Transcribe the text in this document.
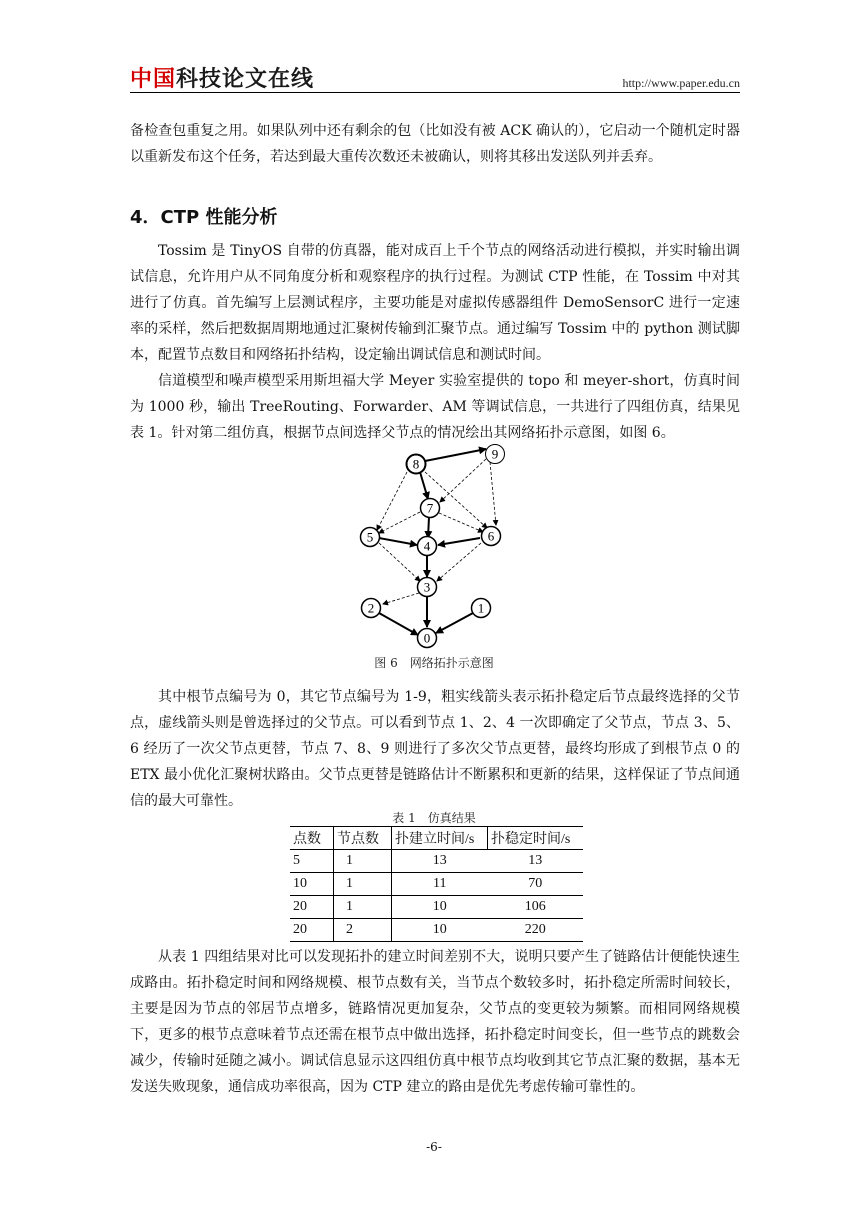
中国科技论文在线	http://www.paper.edu.cn

备检查包重复之用。如果队列中还有剩余的包（比如没有被 ACK 确认的），它启动一个随机定时器以重新发布这个任务，若达到最大重传次数还未被确认，则将其移出发送队列并丢弃。

4．CTP 性能分析

Tossim 是 TinyOS 自带的仿真器，能对成百上千个节点的网络活动进行模拟，并实时输出调试信息，允许用户从不同角度分析和观察程序的执行过程。为测试 CTP 性能，在 Tossim 中对其进行了仿真。首先编写上层测试程序，主要功能是对虚拟传感器组件 DemoSensorC 进行一定速率的采样，然后把数据周期地通过汇聚树传输到汇聚节点。通过编写 Tossim 中的 python 测试脚本，配置节点数目和网络拓扑结构，设定输出调试信息和测试时间。

信道模型和噪声模型采用斯坦福大学 Meyer 实验室提供的 topo 和 meyer-short，仿真时间为 1000 秒，输出 TreeRouting、Forwarder、AM 等调试信息，一共进行了四组仿真，结果见表 1。针对第二组仿真，根据节点间选择父节点的情况绘出其网络拓扑示意图，如图 6。

8
9
7
5	6
4
3
2	1
0
图 6　网络拓扑示意图

其中根节点编号为 0，其它节点编号为 1-9，粗实线箭头表示拓扑稳定后节点最终选择的父节点，虚线箭头则是曾选择过的父节点。可以看到节点 1、2、4 一次即确定了父节点，节点 3、5、6 经历了一次父节点更替，节点 7、8、9 则进行了多次父节点更替，最终均形成了到根节点 0 的 ETX 最小优化汇聚树状路由。父节点更替是链路估计不断累积和更新的结果，这样保证了节点间通信的最大可靠性。

表 1　仿真结果
点数	节点数	扑建立时间/s	扑稳定时间/s
5	1	13	13
10	1	11	70
20	1	10	106
20	2	10	220

从表 1 四组结果对比可以发现拓扑的建立时间差别不大，说明只要产生了链路估计便能快速生成路由。拓扑稳定时间和网络规模、根节点数有关，当节点个数较多时，拓扑稳定所需时间较长，主要是因为节点的邻居节点增多，链路情况更加复杂，父节点的变更较为频繁。而相同网络规模下，更多的根节点意味着节点还需在根节点中做出选择，拓扑稳定时间变长，但一些节点的跳数会减少，传输时延随之减小。调试信息显示这四组仿真中根节点均收到其它节点汇聚的数据，基本无发送失败现象，通信成功率很高，因为 CTP 建立的路由是优先考虑传输可靠性的。

-6-
